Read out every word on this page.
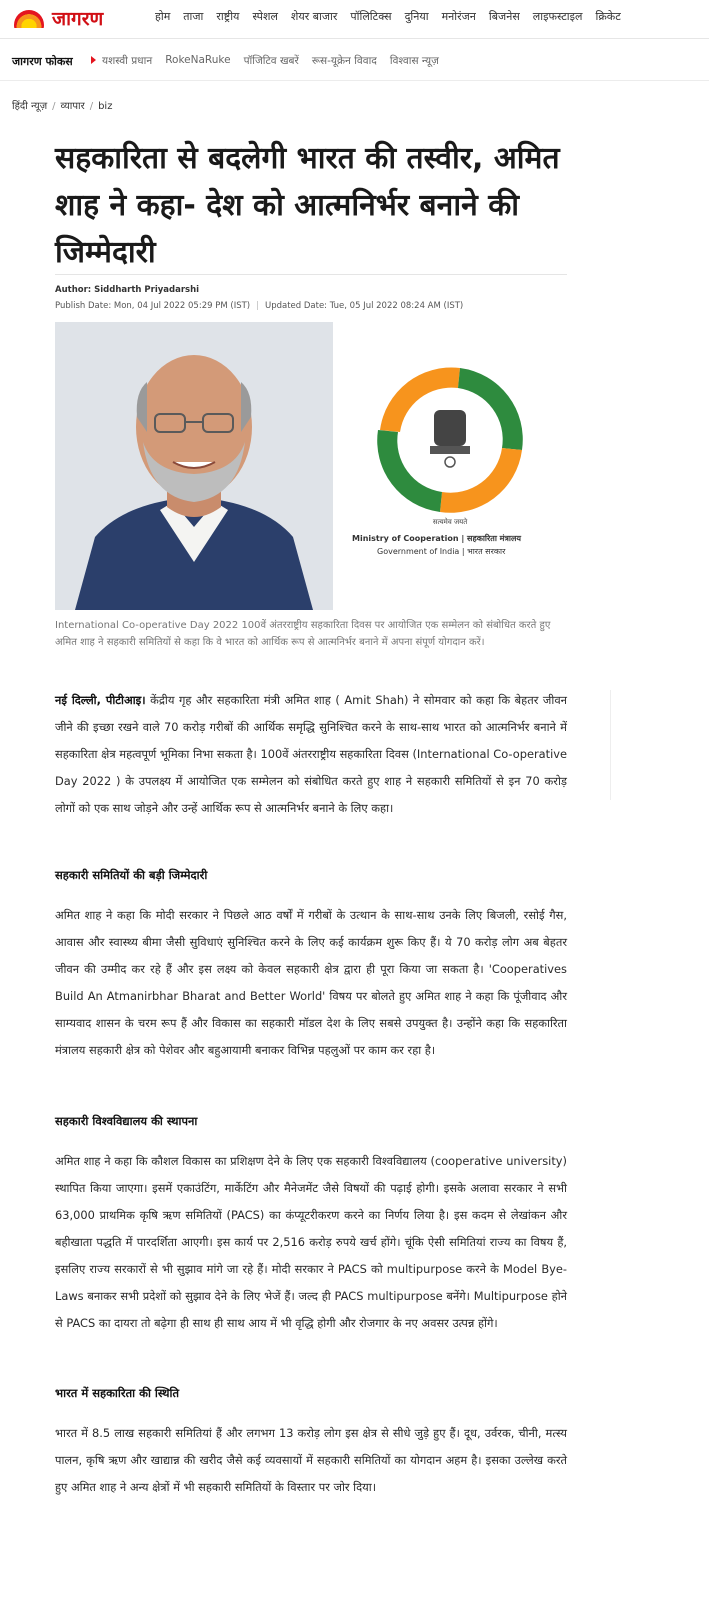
जागरण	होम ताजा राष्ट्रीय स्पेशल शेयर बाजार पॉलिटिक्स दुनिया मनोरंजन बिजनेस लाइफस्टाइल क्रिकेट
जागरण फोकस	यशस्वी प्रधान RokeNaRuke पॉजिटिव खबरें रूस-यूक्रेन विवाद विश्वास न्यूज़
हिंदी न्यूज़ / व्यापार / biz
सहकारिता से बदलेगी भारत की तस्वीर, अमित शाह ने कहा- देश को आत्मनिर्भर बनाने की जिम्मेदारी
Author: Siddharth Priyadarshi
Publish Date: Mon, 04 Jul 2022 05:29 PM (IST) | Updated Date: Tue, 05 Jul 2022 08:24 AM (IST)
सत्यमेव जयते
Ministry of Cooperation | सहकारिता मंत्रालय
Government of India | भारत सरकार

International Co-operative Day 2022 100वें अंतरराष्ट्रीय सहकारिता दिवस पर आयोजित एक सम्मेलन को संबोधित करते हुए अमित शाह ने सहकारी समितियों से कहा कि वे भारत को आर्थिक रूप से आत्मनिर्भर बनाने में अपना संपूर्ण योगदान करें।

नई दिल्ली, पीटीआइ। केंद्रीय गृह और सहकारिता मंत्री अमित शाह ( Amit Shah) ने सोमवार को कहा कि बेहतर जीवन जीने की इच्छा रखने वाले 70 करोड़ गरीबों की आर्थिक समृद्धि सुनिश्चित करने के साथ-साथ भारत को आत्मनिर्भर बनाने में सहकारिता क्षेत्र महत्वपूर्ण भूमिका निभा सकता है। 100वें अंतरराष्ट्रीय सहकारिता दिवस (International Co-operative Day 2022 ) के उपलक्ष्य में आयोजित एक सम्मेलन को संबोधित करते हुए शाह ने सहकारी समितियों से इन 70 करोड़ लोगों को एक साथ जोड़ने और उन्हें आर्थिक रूप से आत्मनिर्भर बनाने के लिए कहा।

सहकारी समितियों की बड़ी जिम्मेदारी

अमित शाह ने कहा कि मोदी सरकार ने पिछले आठ वर्षों में गरीबों के उत्थान के साथ-साथ उनके लिए बिजली, रसोई गैस, आवास और स्वास्थ्य बीमा जैसी सुविधाएं सुनिश्चित करने के लिए कई कार्यक्रम शुरू किए हैं। ये 70 करोड़ लोग अब बेहतर जीवन की उम्मीद कर रहे हैं और इस लक्ष्य को केवल सहकारी क्षेत्र द्वारा ही पूरा किया जा सकता है। 'Cooperatives Build An Atmanirbhar Bharat and Better World' विषय पर बोलते हुए अमित शाह ने कहा कि पूंजीवाद और साम्यवाद शासन के चरम रूप हैं और विकास का सहकारी मॉडल देश के लिए सबसे उपयुक्त है। उन्होंने कहा कि सहकारिता मंत्रालय सहकारी क्षेत्र को पेशेवर और बहुआयामी बनाकर विभिन्न पहलुओं पर काम कर रहा है।

सहकारी विश्वविद्यालय की स्थापना

अमित शाह ने कहा कि कौशल विकास का प्रशिक्षण देने के लिए एक सहकारी विश्वविद्यालय (cooperative university) स्थापित किया जाएगा। इसमें एकाउंटिंग, मार्केटिंग और मैनेजमेंट जैसे विषयों की पढ़ाई होगी। इसके अलावा सरकार ने सभी 63,000 प्राथमिक कृषि ऋण समितियों (PACS) का कंप्यूटरीकरण करने का निर्णय लिया है। इस कदम से लेखांकन और बहीखाता पद्धति में पारदर्शिता आएगी। इस कार्य पर 2,516 करोड़ रुपये खर्च होंगे। चूंकि ऐसी समितियां राज्य का विषय हैं, इसलिए राज्य सरकारों से भी सुझाव मांगे जा रहे हैं। मोदी सरकार ने PACS को multipurpose करने के Model Bye-Laws बनाकर सभी प्रदेशों को सुझाव देने के लिए भेजें हैं। जल्द ही PACS multipurpose बनेंगे। Multipurpose होने से PACS का दायरा तो बढ़ेगा ही साथ ही साथ आय में भी वृद्धि होगी और रोजगार के नए अवसर उत्पन्न होंगे।

भारत में सहकारिता की स्थिति

भारत में 8.5 लाख सहकारी समितियां हैं और लगभग 13 करोड़ लोग इस क्षेत्र से सीधे जुड़े हुए हैं। दूध, उर्वरक, चीनी, मत्स्य पालन, कृषि ऋण और खाद्यान्न की खरीद जैसे कई व्यवसायों में सहकारी समितियों का योगदान अहम है। इसका उल्लेख करते हुए अमित शाह ने अन्य क्षेत्रों में भी सहकारी समितियों के विस्तार पर जोर दिया।
